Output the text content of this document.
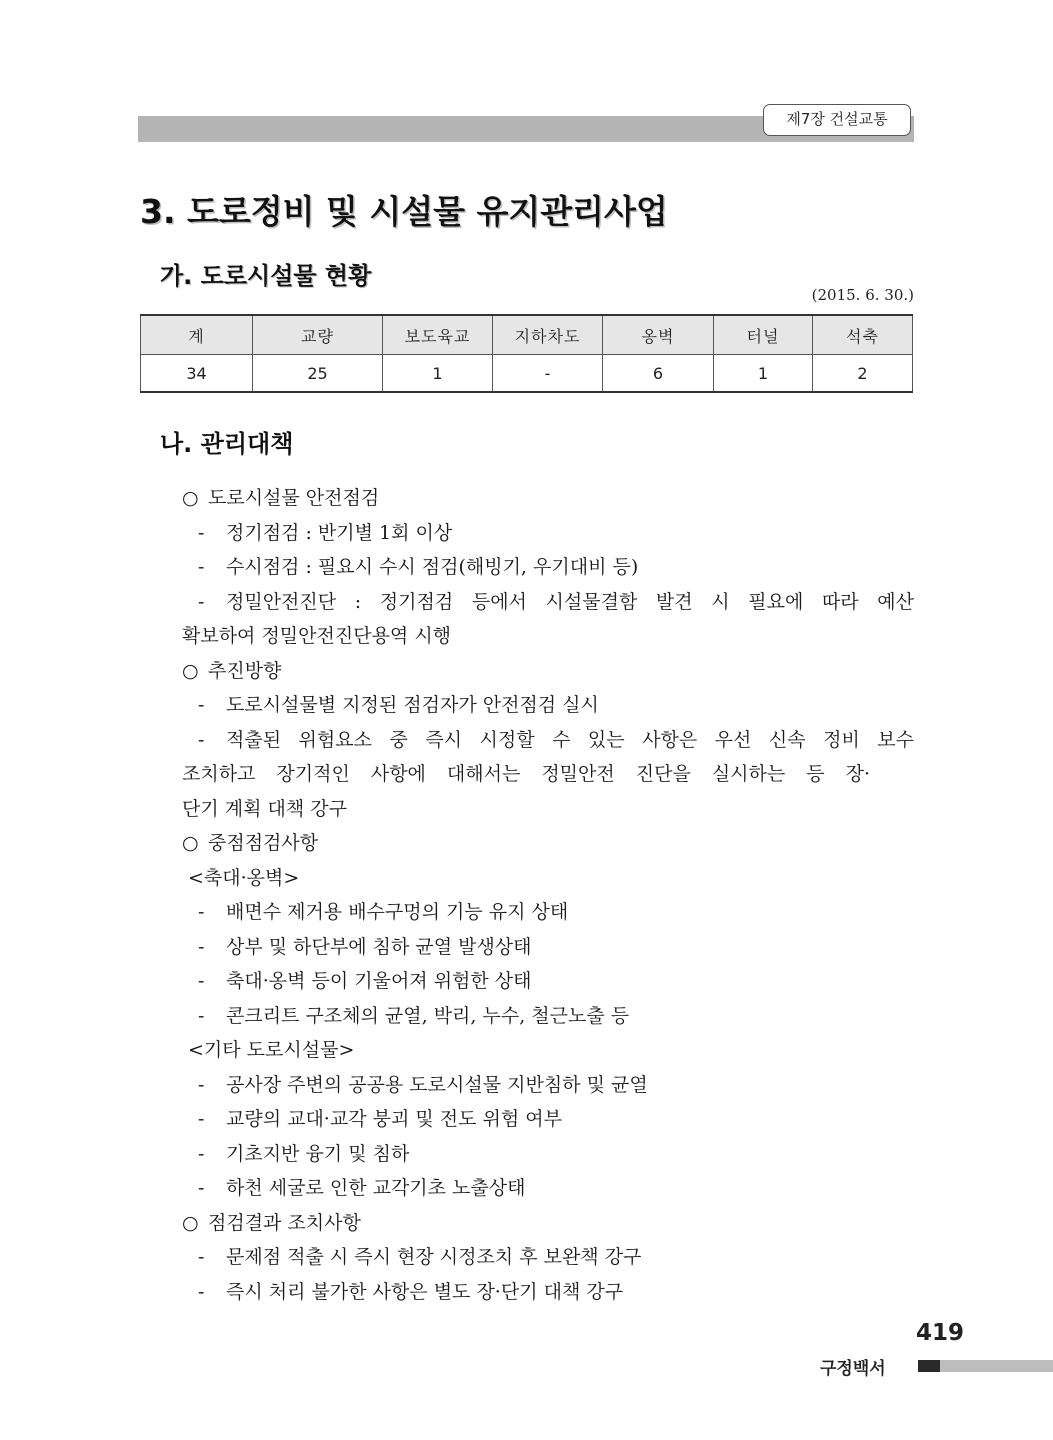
제7장 건설교통
3. 도로정비 및 시설물 유지관리사업
가. 도로시설물 현황
(2015. 6. 30.)
계	교량	보도육교	지하차도	옹벽	터널	석축
34	25	1	-	6	1	2
나. 관리대책
○ 도로시설물 안전점검
- 정기점검 : 반기별 1회 이상
- 수시점검 : 필요시 수시 점검(해빙기, 우기대비 등)
- 정밀안전진단 : 정기점검 등에서 시설물결함 발견 시 필요에 따라 예산
확보하여 정밀안전진단용역 시행
○ 추진방향
- 도로시설물별 지정된 점검자가 안전점검 실시
- 적출된 위험요소 중 즉시 시정할 수 있는 사항은 우선 신속 정비 보수
조치하고 장기적인 사항에 대해서는 정밀안전 진단을 실시하는 등 장·
단기 계획 대책 강구
○ 중점점검사항
<축대·옹벽>
- 배면수 제거용 배수구멍의 기능 유지 상태
- 상부 및 하단부에 침하 균열 발생상태
- 축대·옹벽 등이 기울어져 위험한 상태
- 콘크리트 구조체의 균열, 박리, 누수, 철근노출 등
<기타 도로시설물>
- 공사장 주변의 공공용 도로시설물 지반침하 및 균열
- 교량의 교대·교각 붕괴 및 전도 위험 여부
- 기초지반 융기 및 침하
- 하천 세굴로 인한 교각기초 노출상태
○ 점검결과 조치사항
- 문제점 적출 시 즉시 현장 시정조치 후 보완책 강구
- 즉시 처리 불가한 사항은 별도 장·단기 대책 강구
419
구정백서
